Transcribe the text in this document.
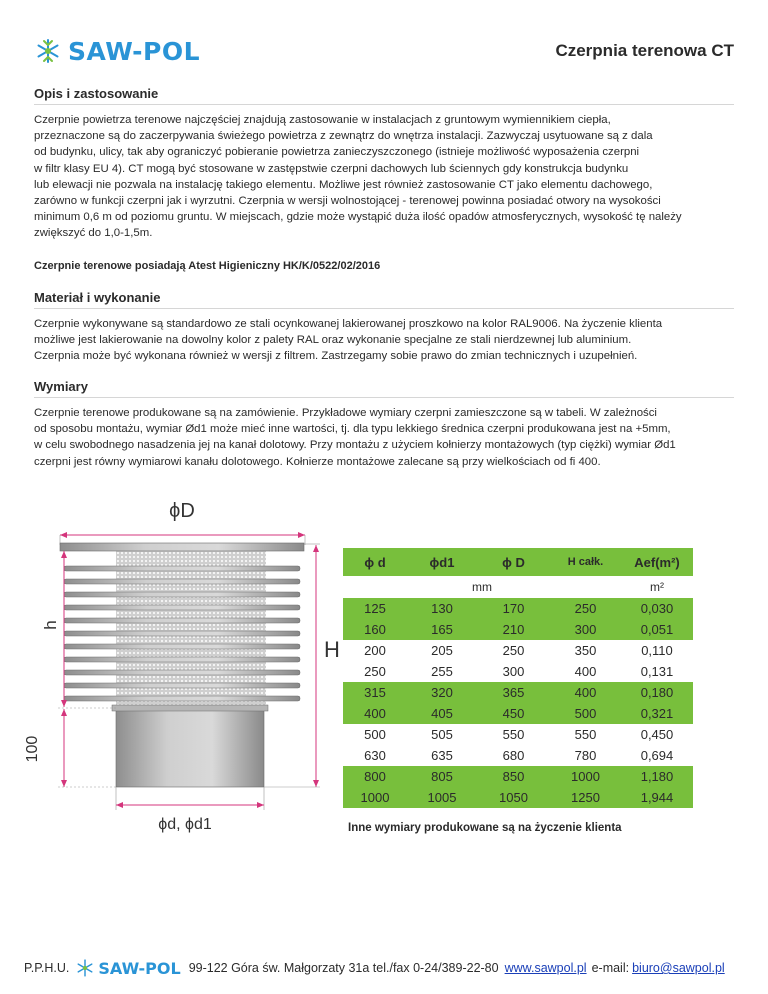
SAW-POL	Czerpnia terenowa CT
Opis i zastosowanie

Czerpnie powietrza terenowe najczęściej znajdują zastosowanie w instalacjach z gruntowym wymiennikiem ciepła,

przeznaczone są do zaczerpywania świeżego powietrza z zewnątrz do wnętrza instalacji. Zazwyczaj usytuowane są z dala

od budynku, ulicy, tak aby ograniczyć pobieranie powietrza zanieczyszczonego (istnieje możliwość wyposażenia czerpni

w filtr klasy EU 4). CT mogą być stosowane w zastępstwie czerpni dachowych lub ściennych gdy konstrukcja budynku

lub elewacji nie pozwala na instalację takiego elementu. Możliwe jest również zastosowanie CT jako elementu dachowego,

zarówno w funkcji czerpni jak i wyrzutni. Czerpnia w wersji wolnostojącej - terenowej powinna posiadać otwory na wysokości

minimum 0,6 m od poziomu gruntu. W miejscach, gdzie może wystąpić duża ilość opadów atmosferycznych, wysokość tę należy

zwiększyć do 1,0-1,5m.

Czerpnie terenowe posiadają Atest Higieniczny HK/K/0522/02/2016
Materiał i wykonanie

Czerpnie wykonywane są standardowo ze stali ocynkowanej lakierowanej proszkowo na kolor RAL9006. Na życzenie klienta

możliwe jest lakierowanie na dowolny kolor z palety RAL oraz wykonanie specjalne ze stali nierdzewnej lub aluminium.

Czerpnia może być wykonana również w wersji z filtrem. Zastrzegamy sobie prawo do zmian technicznych i uzupełnień.

Wymiary

Czerpnie terenowe produkowane są na zamówienie. Przykładowe wymiary czerpni zamieszczone są w tabeli. W zależności

od sposobu montażu, wymiar Ød1 może mieć inne wartości, tj. dla typu lekkiego średnica czerpni produkowana jest na +5mm,

w celu swobodnego nasadzenia jej na kanał dolotowy. Przy montażu z użyciem kołnierzy montażowych (typ ciężki) wymiar Ød1

czerpni jest równy wymiarowi kanału dolotowego. Kołnierze montażowe zalecane są przy wielkościach od fi 400.

ϕD
h
100
H
ϕd, ϕd1
ϕ d	ϕd1	ϕ D	H całk.	Aef(m²)
mm				m²
125	130	170	250	0,030
160	165	210	300	0,051
200	205	250	350	0,110
250	255	300	400	0,131
315	320	365	400	0,180
400	405	450	500	0,321
500	505	550	550	0,450
630	635	680	780	0,694
800	805	850	1000	1,180
1000	1005	1050	1250	1,944
Inne wymiary produkowane są na życzenie klienta
P.P.H.U. SAW-POL 99-122 Góra św. Małgorzaty 31a tel./fax 0-24/389-22-80 www.sawpol.pl e-mail: biuro@sawpol.pl
